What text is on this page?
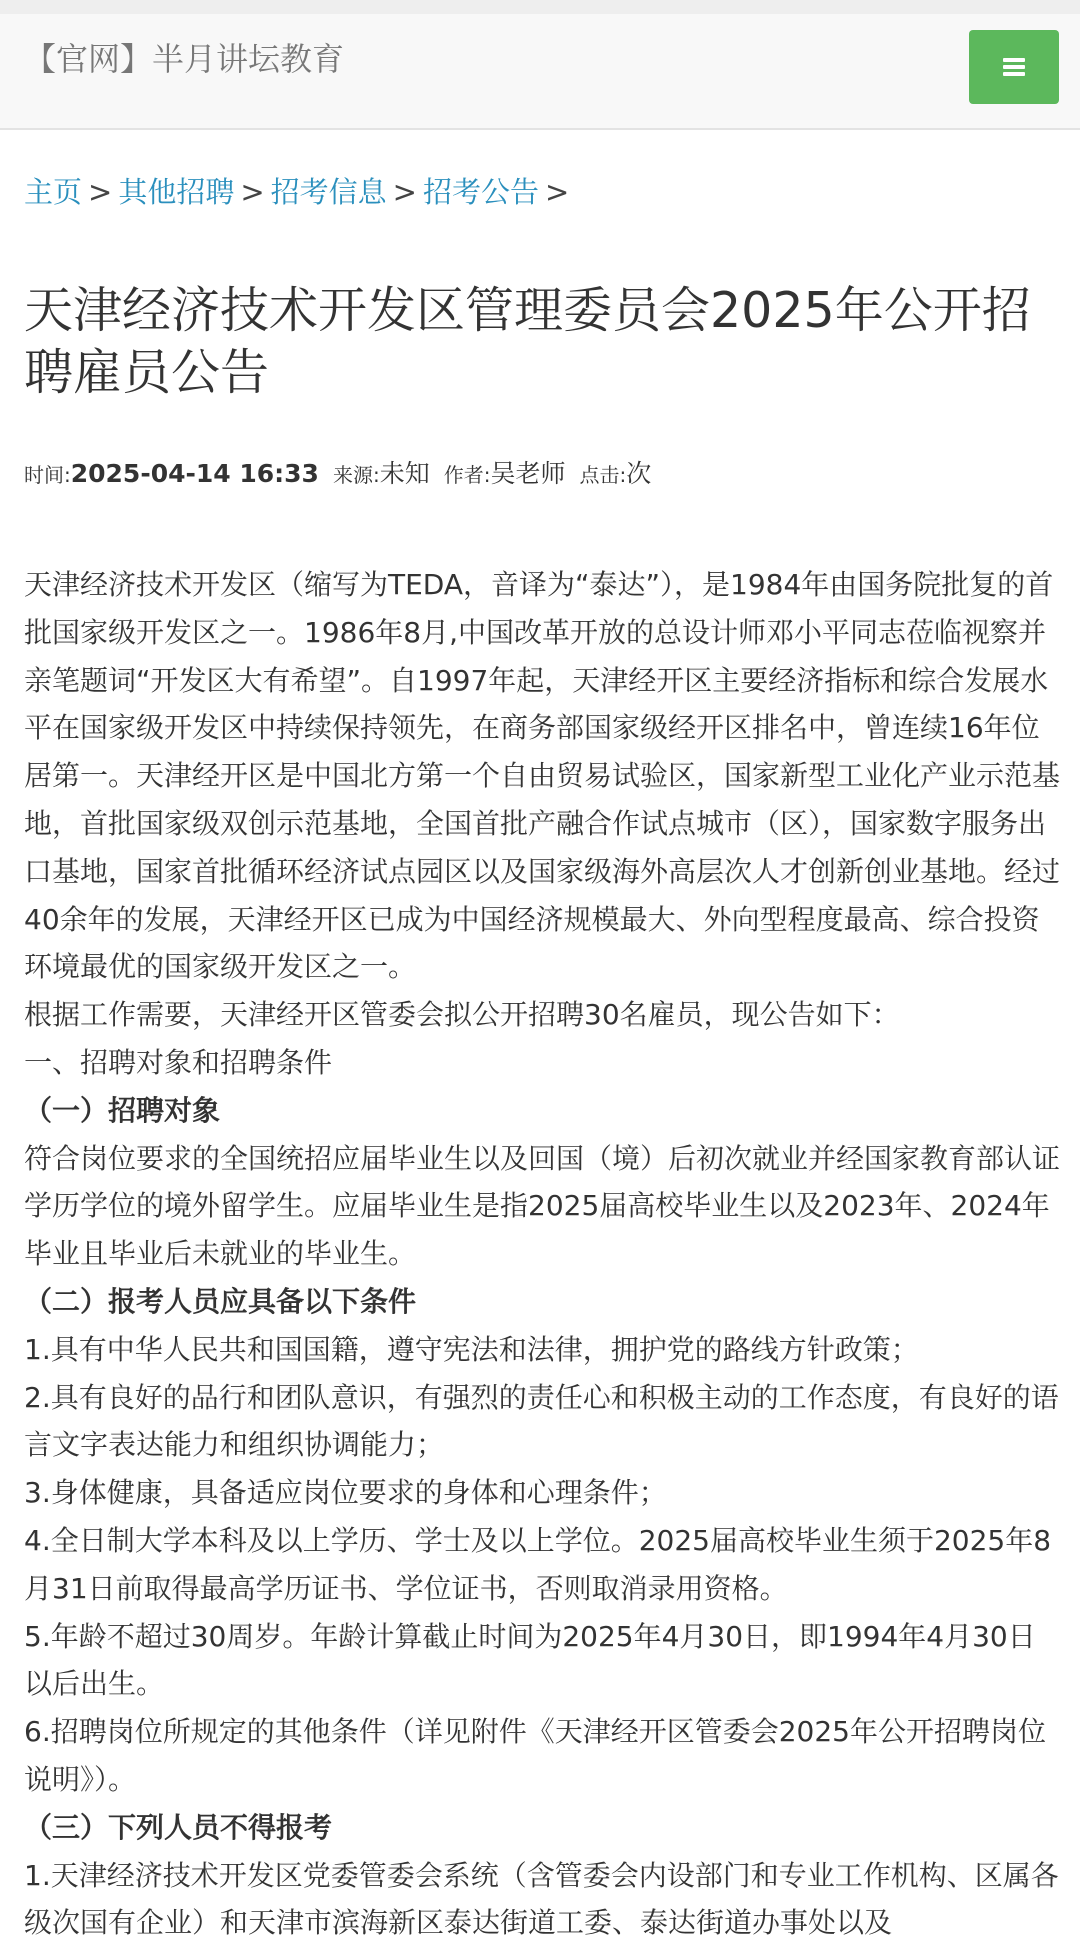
【官网】半月讲坛教育
主页 > 其他招聘 > 招考信息 > 招考公告 >
天津经济技术开发区管理委员会2025年公开招聘雇员公告
时间:2025-04-14 16:33 来源:未知 作者:吴老师 点击:次

天津经济技术开发区（缩写为TEDA，音译为“泰达”），是1984年由国务院批复的首批国家级开发区之一。1986年8月,中国改革开放的总设计师邓小平同志莅临视察并亲笔题词“开发区大有希望”。自1997年起，天津经开区主要经济指标和综合发展水平在国家级开发区中持续保持领先，在商务部国家级经开区排名中，曾连续16年位居第一。天津经开区是中国北方第一个自由贸易试验区，国家新型工业化产业示范基地，首批国家级双创示范基地，全国首批产融合作试点城市（区），国家数字服务出口基地，国家首批循环经济试点园区以及国家级海外高层次人才创新创业基地。经过40余年的发展，天津经开区已成为中国经济规模最大、外向型程度最高、综合投资环境最优的国家级开发区之一。

根据工作需要，天津经开区管委会拟公开招聘30名雇员，现公告如下：

一、招聘对象和招聘条件

（一）招聘对象

符合岗位要求的全国统招应届毕业生以及回国（境）后初次就业并经国家教育部认证学历学位的境外留学生。应届毕业生是指2025届高校毕业生以及2023年、2024年毕业且毕业后未就业的毕业生。

（二）报考人员应具备以下条件

1.具有中华人民共和国国籍，遵守宪法和法律，拥护党的路线方针政策；

2.具有良好的品行和团队意识，有强烈的责任心和积极主动的工作态度，有良好的语言文字表达能力和组织协调能力；

3.身体健康，具备适应岗位要求的身体和心理条件；

4.全日制大学本科及以上学历、学士及以上学位。2025届高校毕业生须于2025年8月31日前取得最高学历证书、学位证书，否则取消录用资格。

5.年龄不超过30周岁。年龄计算截止时间为2025年4月30日，即1994年4月30日以后出生。

6.招聘岗位所规定的其他条件（详见附件《天津经开区管委会2025年公开招聘岗位说明》）。

（三）下列人员不得报考

1.天津经济技术开发区党委管委会系统（含管委会内设部门和专业工作机构、区属各级次国有企业）和天津市滨海新区泰达街道工委、泰达街道办事处以及
